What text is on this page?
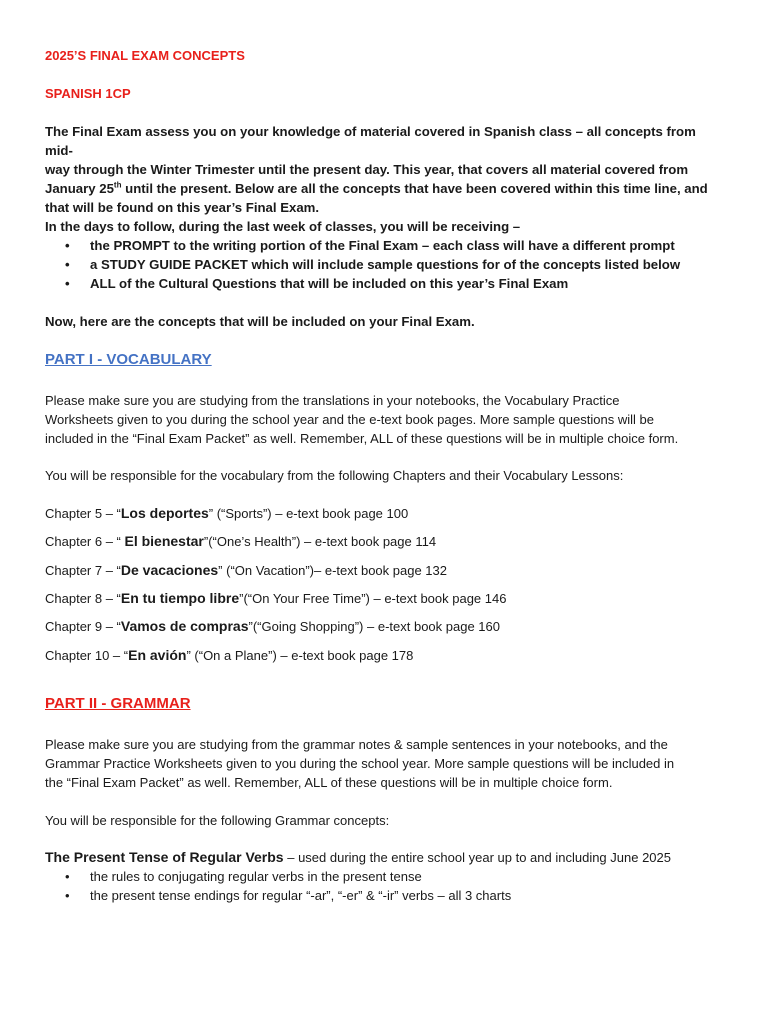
2025’S FINAL EXAM CONCEPTS
SPANISH 1CP
The Final Exam assess you on your knowledge of material covered in Spanish class – all concepts from mid-
way through the Winter Trimester until the present day. This year, that covers all material covered from
January 25th until the present. Below are all the concepts that have been covered within this time line, and
that will be found on this year’s Final Exam.
In the days to follow, during the last week of classes, you will be receiving –
• the PROMPT to the writing portion of the Final Exam – each class will have a different prompt
• a STUDY GUIDE PACKET which will include sample questions for of the concepts listed below
• ALL of the Cultural Questions that will be included on this year’s Final Exam
Now, here are the concepts that will be included on your Final Exam.
PART I - VOCABULARY
Please make sure you are studying from the translations in your notebooks, the Vocabulary Practice
Worksheets given to you during the school year and the e-text book pages. More sample questions will be
included in the “Final Exam Packet” as well. Remember, ALL of these questions will be in multiple choice form.
You will be responsible for the vocabulary from the following Chapters and their Vocabulary Lessons:
Chapter 5 – “Los deportes” (“Sports”) – e-text book page 100
Chapter 6 – “ El bienestar”(“One’s Health”) – e-text book page 114
Chapter 7 – “De vacaciones” (“On Vacation”)– e-text book page 132
Chapter 8 – “En tu tiempo libre”(“On Your Free Time”) – e-text book page 146
Chapter 9 – “Vamos de compras”(“Going Shopping”) – e-text book page 160
Chapter 10 – “En avión” (“On a Plane”) – e-text book page 178
PART II - GRAMMAR
Please make sure you are studying from the grammar notes & sample sentences in your notebooks, and the
Grammar Practice Worksheets given to you during the school year. More sample questions will be included in
the “Final Exam Packet” as well. Remember, ALL of these questions will be in multiple choice form.
You will be responsible for the following Grammar concepts:
The Present Tense of Regular Verbs – used during the entire school year up to and including June 2025
• the rules to conjugating regular verbs in the present tense
• the present tense endings for regular “-ar”, “-er” & “-ir” verbs – all 3 charts
